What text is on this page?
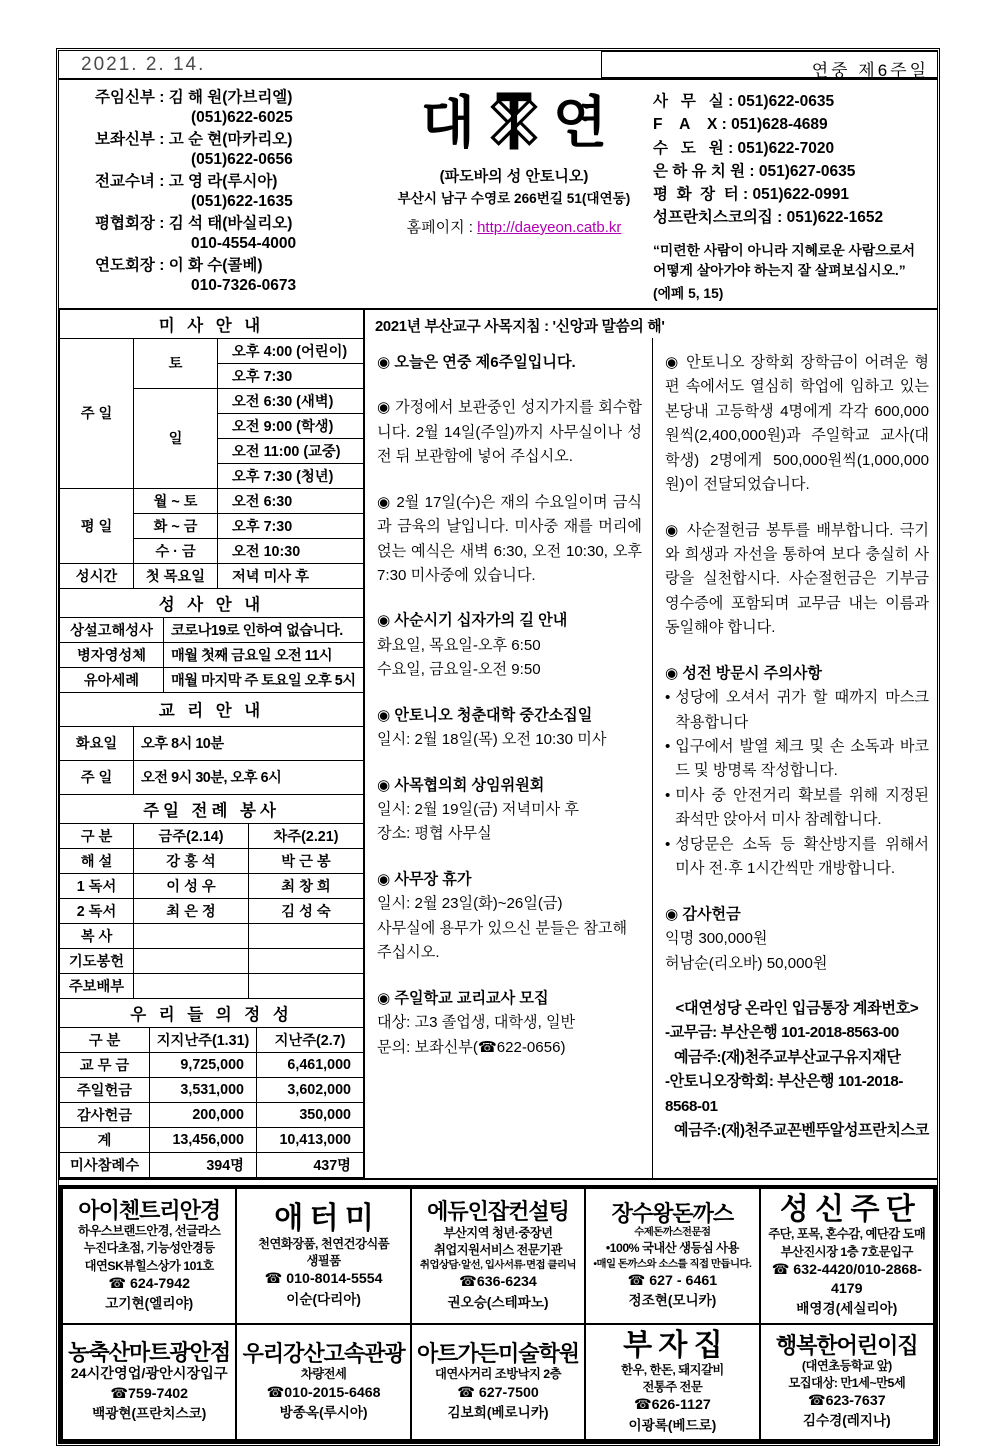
2021. 2. 14.	연중 제6주일
주임신부 : 김 해 원(가브리엘)
(051)622-6025
보좌신부 : 고 순 현(마카리오)
(051)622-0656
전교수녀 : 고 영 라(루시아)
(051)622-1635
평협회장 : 김 석 태(바실리오)
010-4554-4000
연도회장 : 이 화 수(콜베)
010-7326-0673
대 연
(파도바의 성 안토니오)
부산시 남구 수영로 266번길 51(대연동)
홈페이지 : http://daeyeon.catb.kr
사   무   실 : 051)622-0635
F    A    X : 051)628-4689
수   도   원 : 051)622-7020
은 하 유 치 원 : 051)627-0635
평  화  장  터 : 051)622-0991
성프란치스코의집 : 051)622-1652
“미련한 사람이 아니라 지혜로운 사람으로서 어떻게 살아가야 하는지 잘 살펴보십시오.”
(에페 5, 15)
미 사 안 내		
주 일	토	오후 4:00 (어린이)
		오후 7:30
	일	오전 6:30 (새벽)
		오전 9:00 (학생)
		오전 11:00 (교중)
		오후 7:30 (청년)
평 일	월 ~ 토	오전 6:30
	화 ~ 금	오후 7:30
	수 · 금	오전 10:30
성시간	첫 목요일	저녁 미사 후
성 사 안 내	
상설고해성사	코로나19로 인하여 없습니다.
병자영성체	매월 첫째 금요일 오전 11시
유아세례	매월 마지막 주 토요일 오후 5시
교 리 안 내	
화요일	오후 8시 10분
주 일	오전 9시 30분, 오후 6시
주일 전례 봉사		
구 분	금주(2.14)	차주(2.21)
해 설	강 홍 석	박 근 봉
1 독서	이 성 우	최 창 희
2 독서	최 은 정	김 성 숙
복 사		
기도봉헌		
주보배부		
우 리 들 의 정 성		
구 분	지지난주(1.31)	지난주(2.7)
교 무 금	9,725,000	6,461,000
주일헌금	3,531,000	3,602,000
감사헌금	200,000	350,000
계	13,456,000	10,413,000
미사참례수	394명	437명
2021년 부산교구 사목지침 : '신앙과 말씀의 해'
◉ 오늘은 연중 제6주일입니다.
◉ 가정에서 보관중인 성지가지를 회수합니다. 2월 14일(주일)까지 사무실이나 성전 뒤 보관함에 넣어 주십시오.
◉ 2월 17일(수)은 재의 수요일이며 금식과 금육의 날입니다. 미사중 재를 머리에 얹는 예식은 새벽 6:30, 오전 10:30, 오후 7:30 미사중에 있습니다.
◉ 사순시기 십자가의 길 안내
화요일, 목요일-오후 6:50
수요일, 금요일-오전 9:50
◉ 안토니오 청춘대학 중간소집일
일시: 2월 18일(목) 오전 10:30 미사
◉ 사목협의회 상임위원회
일시: 2월 19일(금) 저녁미사 후
장소: 평협 사무실
◉ 사무장 휴가
일시: 2월 23일(화)~26일(금)
사무실에 용무가 있으신 분들은 참고해 주십시오.
◉ 주일학교 교리교사 모집
대상: 고3 졸업생, 대학생, 일반
문의: 보좌신부(☎622-0656)
◉ 안토니오 장학회 장학금이 어려운 형편 속에서도 열심히 학업에 임하고 있는 본당내 고등학생 4명에게 각각 600,000원씩(2,400,000원)과 주일학교 교사(대학생) 2명에게 500,000원씩(1,000,000원)이 전달되었습니다.
◉ 사순절헌금 봉투를 배부합니다. 극기와 희생과 자선을 통하여 보다 충실히 사랑을 실천합시다. 사순절헌금은 기부금 영수증에 포함되며 교무금 내는 이름과 동일해야 합니다.
◉ 성전 방문시 주의사항
• 성당에 오셔서 귀가 할 때까지 마스크 착용합니다
• 입구에서 발열 체크 및 손 소독과 바코드 및 방명록 작성합니다.
• 미사 중 안전거리 확보를 위해 지정된 좌석만 앉아서 미사 참례합니다.
• 성당문은 소독 등 확산방지를 위해서 미사 전·후 1시간씩만 개방합니다.
◉ 감사헌금
익명 300,000원
허남순(리오바) 50,000원
<대연성당 온라인 입금통장 계좌번호>
-교무금: 부산은행 101-2018-8563-00
예금주:(재)천주교부산교구유지재단
-안토니오장학회: 부산은행 101-2018-8568-01
예금주:(재)천주교꼰벤뚜알성프란치스코
아이첸트리안경
하우스브랜드안경, 선글라스
누진다초점, 기능성안경등
대연SK뷰힐스상가 101호
☎ 624-7942
고기현(엘리야)
애 터 미
천연화장품, 천연건강식품
생필품
☎ 010-8014-5554
이순(다리아)
에듀인잡컨설팅
부산지역 청년·중장년
취업지원서비스 전문기관
취업상담·알선, 입사서류·면접 클리닉
☎636-6234
권오승(스테파노)
장수왕돈까스
수제돈까스전문점
•100% 국내산 생등심 사용
•매일 돈까스와 소스를 직접 만듭니다.
☎ 627 - 6461
정조현(모니카)
성 신 주 단
주단, 포목, 혼수감, 예단감 도매
부산진시장 1층 7호문입구
☎ 632-4420/010-2868-4179
배영경(세실리아)
농축산마트광안점
24시간영업/광안시장입구
☎759-7402
백광현(프란치스코)
우리강산고속관광
차량전세
☎010-2015-6468
방종옥(루시아)
아트가든미술학원
대연사거리 조방낙지 2층
☎ 627-7500
김보희(베로니카)
부 자 집
한우, 한돈, 돼지갈비
전통주 전문
☎626-1127
이광록(베드로)
행복한어린이집
(대연초등학교 앞)
모집대상: 만1세~만5세
☎623-7637
김수경(레지나)
